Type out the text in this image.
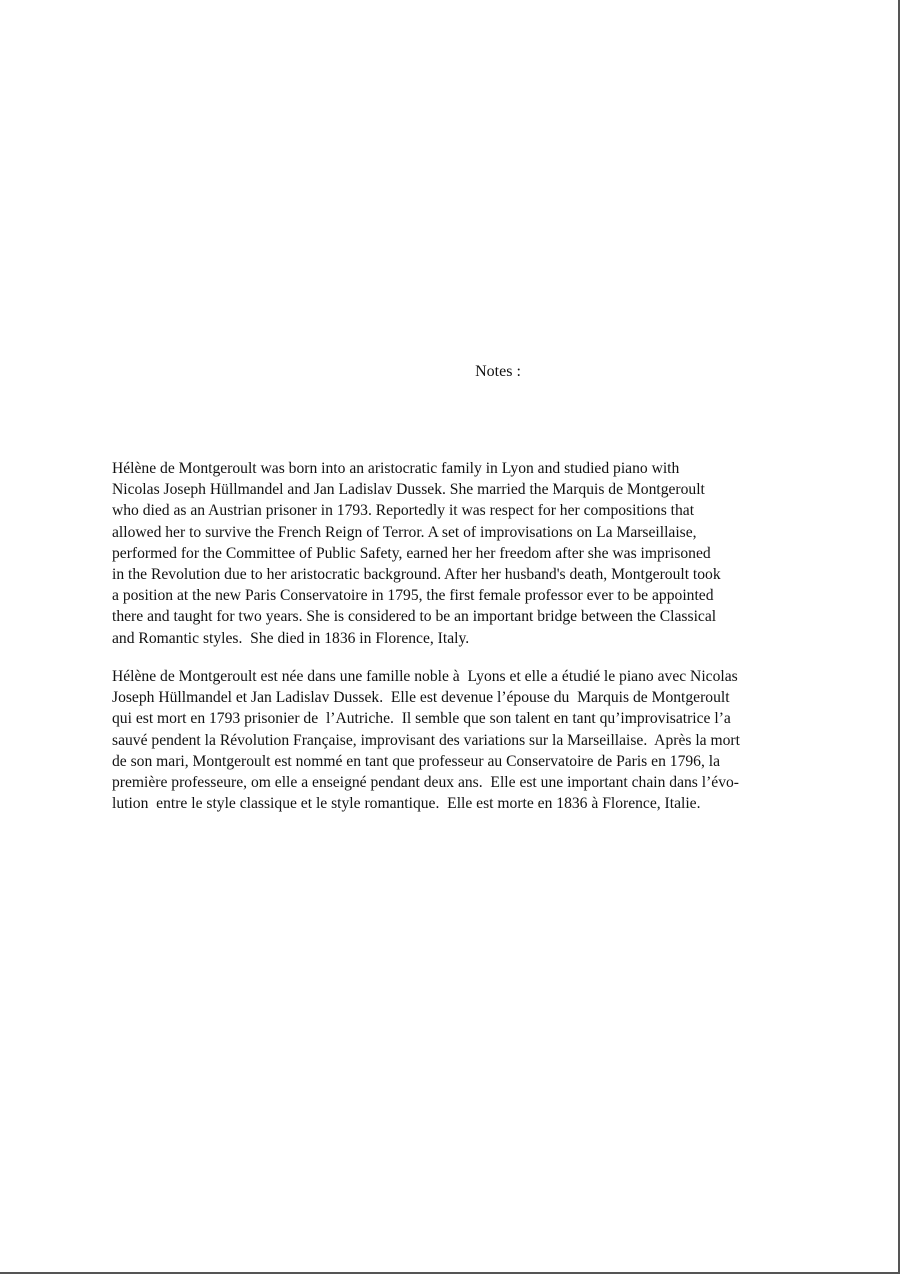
Notes :
Hélène de Montgeroult was born into an aristocratic family in Lyon and studied piano with
Nicolas Joseph Hüllmandel and Jan Ladislav Dussek. She married the Marquis de Montgeroult
who died as an Austrian prisoner in 1793. Reportedly it was respect for her compositions that
allowed her to survive the French Reign of Terror. A set of improvisations on La Marseillaise,
performed for the Committee of Public Safety, earned her her freedom after she was imprisoned
in the Revolution due to her aristocratic background. After her husband's death, Montgeroult took
a position at the new Paris Conservatoire in 1795, the first female professor ever to be appointed
there and taught for two years. She is considered to be an important bridge between the Classical
and Romantic styles.  She died in 1836 in Florence, Italy.
Hélène de Montgeroult est née dans une famille noble à  Lyons et elle a étudié le piano avec Nicolas
Joseph Hüllmandel et Jan Ladislav Dussek.  Elle est devenue l’épouse du  Marquis de Montgeroult
qui est mort en 1793 prisonier de  l’Autriche.  Il semble que son talent en tant qu’improvisatrice l’a
sauvé pendent la Révolution Française, improvisant des variations sur la Marseillaise.  Après la mort
de son mari, Montgeroult est nommé en tant que professeur au Conservatoire de Paris en 1796, la
première professeure, om elle a enseigné pendant deux ans.  Elle est une important chain dans l’évo-
lution  entre le style classique et le style romantique.  Elle est morte en 1836 à Florence, Italie.
